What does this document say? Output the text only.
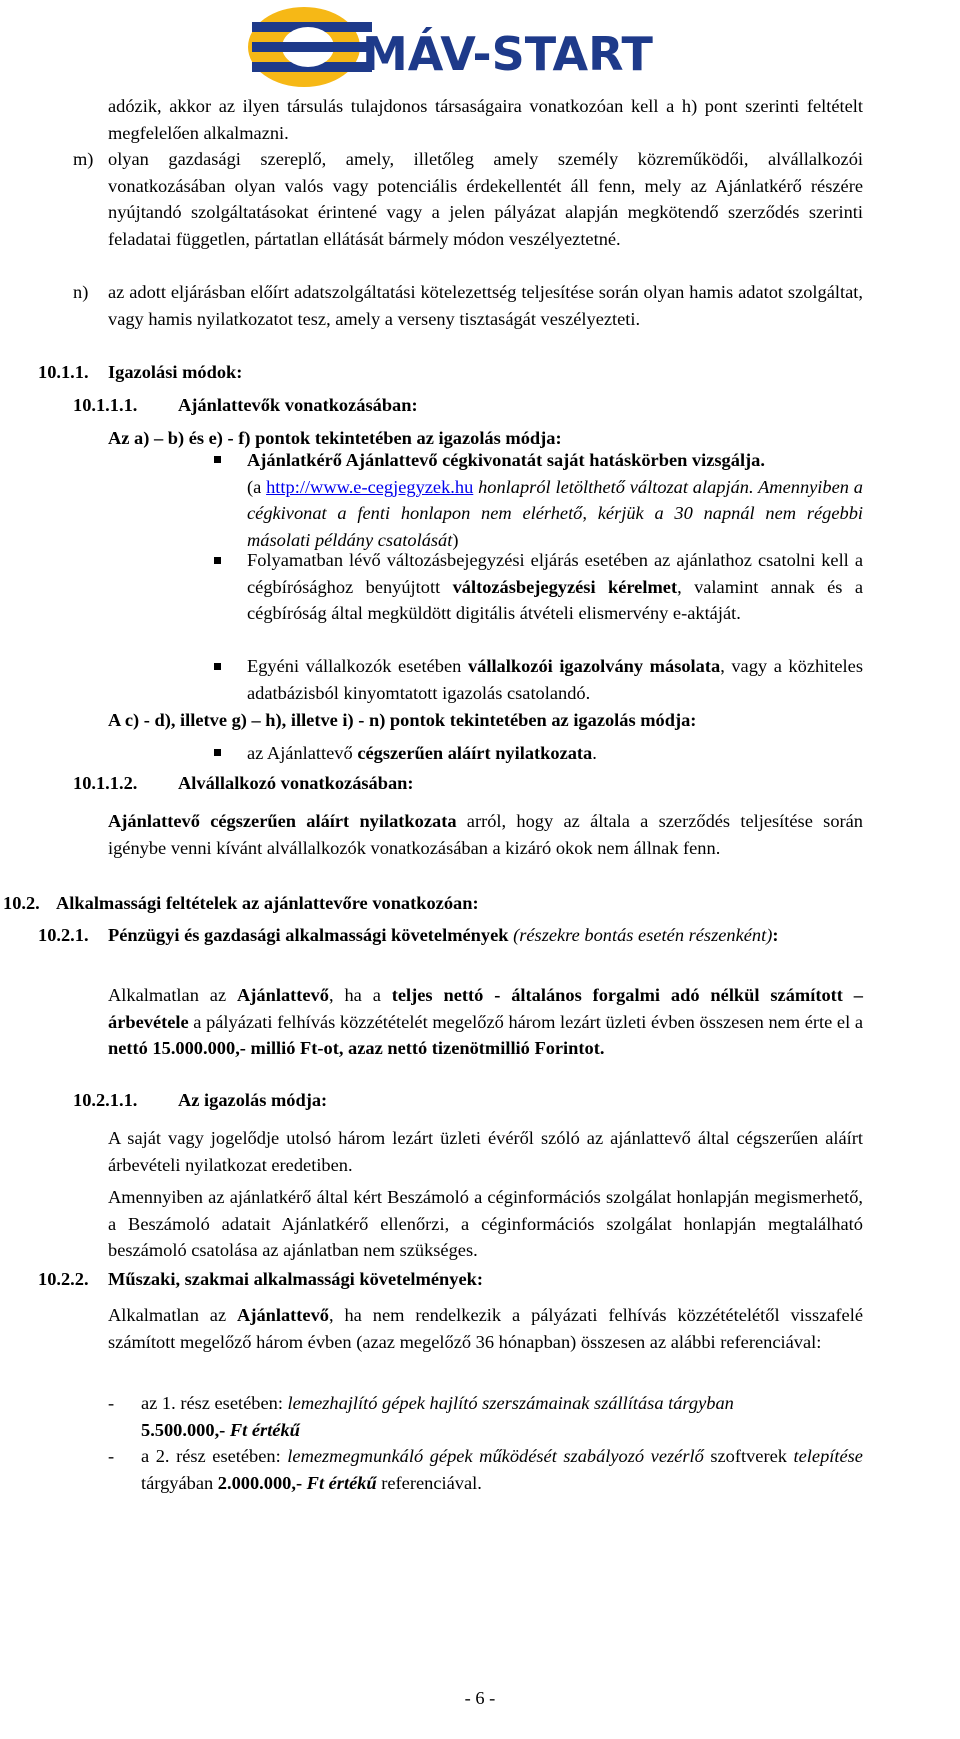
MÁV-START

adózik, akkor az ilyen társulás tulajdonos társaságaira vonatkozóan kell a h) pont szerinti feltételt megfelelően alkalmazni.

m) olyan gazdasági szereplő, amely, illetőleg amely személy közreműködői, alvállalkozói vonatkozásában olyan valós vagy potenciális érdekellentét áll fenn, mely az Ajánlatkérő részére nyújtandó szolgáltatásokat érintené vagy a jelen pályázat alapján megkötendő szerződés szerinti feladatai független, pártatlan ellátását bármely módon veszélyeztetné.

n) az adott eljárásban előírt adatszolgáltatási kötelezettség teljesítése során olyan hamis adatot szolgáltat, vagy hamis nyilatkozatot tesz, amely a verseny tisztaságát veszélyezteti.

10.1.1. Igazolási módok:
10.1.1.1. Ajánlattevők vonatkozásában:

Az a) – b) és e) - f) pontok tekintetében az igazolás módja:

Ajánlatkérő Ajánlattevő cégkivonatát saját hatáskörben vizsgálja.
(a http://www.e-cegjegyzek.hu honlapról letölthető változat alapján. Amennyiben a cégkivonat a fenti honlapon nem elérhető, kérjük a 30 napnál nem régebbi másolati példány csatolását)

Folyamatban lévő változásbejegyzési eljárás esetében az ajánlathoz csatolni kell a cégbírósághoz benyújtott változásbejegyzési kérelmet, valamint annak és a cégbíróság által megküldött digitális átvételi elismervény e-aktáját.

Egyéni vállalkozók esetében vállalkozói igazolvány másolata, vagy a közhiteles adatbázisból kinyomtatott igazolás csatolandó.

A c) - d), illetve g) – h), illetve i) - n) pontok tekintetében az igazolás módja:

az Ajánlattevő cégszerűen aláírt nyilatkozata.

10.1.1.2. Alvállalkozó vonatkozásában:

Ajánlattevő cégszerűen aláírt nyilatkozata arról, hogy az általa a szerződés teljesítése során igénybe venni kívánt alvállalkozók vonatkozásában a kizáró okok nem állnak fenn.

10.2. Alkalmassági feltételek az ajánlattevőre vonatkozóan:
10.2.1. Pénzügyi és gazdasági alkalmassági követelmények (részekre bontás esetén részenként):

Alkalmatlan az Ajánlattevő, ha a teljes nettó - általános forgalmi adó nélkül számított – árbevétele a pályázati felhívás közzétételét megelőző három lezárt üzleti évben összesen nem érte el a nettó 15.000.000,- millió Ft-ot, azaz nettó tizenötmillió Forintot.

10.2.1.1. Az igazolás módja:

A saját vagy jogelődje utolsó három lezárt üzleti évéről szóló az ajánlattevő által cégszerűen aláírt árbevételi nyilatkozat eredetiben.

Amennyiben az ajánlatkérő által kért Beszámoló a céginformációs szolgálat honlapján megismerhető, a Beszámoló adatait Ajánlatkérő ellenőrzi, a céginformációs szolgálat honlapján megtalálható beszámoló csatolása az ajánlatban nem szükséges.

10.2.2. Műszaki, szakmai alkalmassági követelmények:

Alkalmatlan az Ajánlattevő, ha nem rendelkezik a pályázati felhívás közzétételétől visszafelé számított megelőző három évben (azaz megelőző 36 hónapban) összesen az alábbi referenciával:

- az 1. rész esetében: lemezhajlító gépek hajlító szerszámainak szállítása tárgyban
5.500.000,- Ft értékű

- a 2. rész esetében: lemezmegmunkáló gépek működését szabályozó vezérlő szoftverek telepítése tárgyában 2.000.000,- Ft értékű referenciával.

- 6 -
